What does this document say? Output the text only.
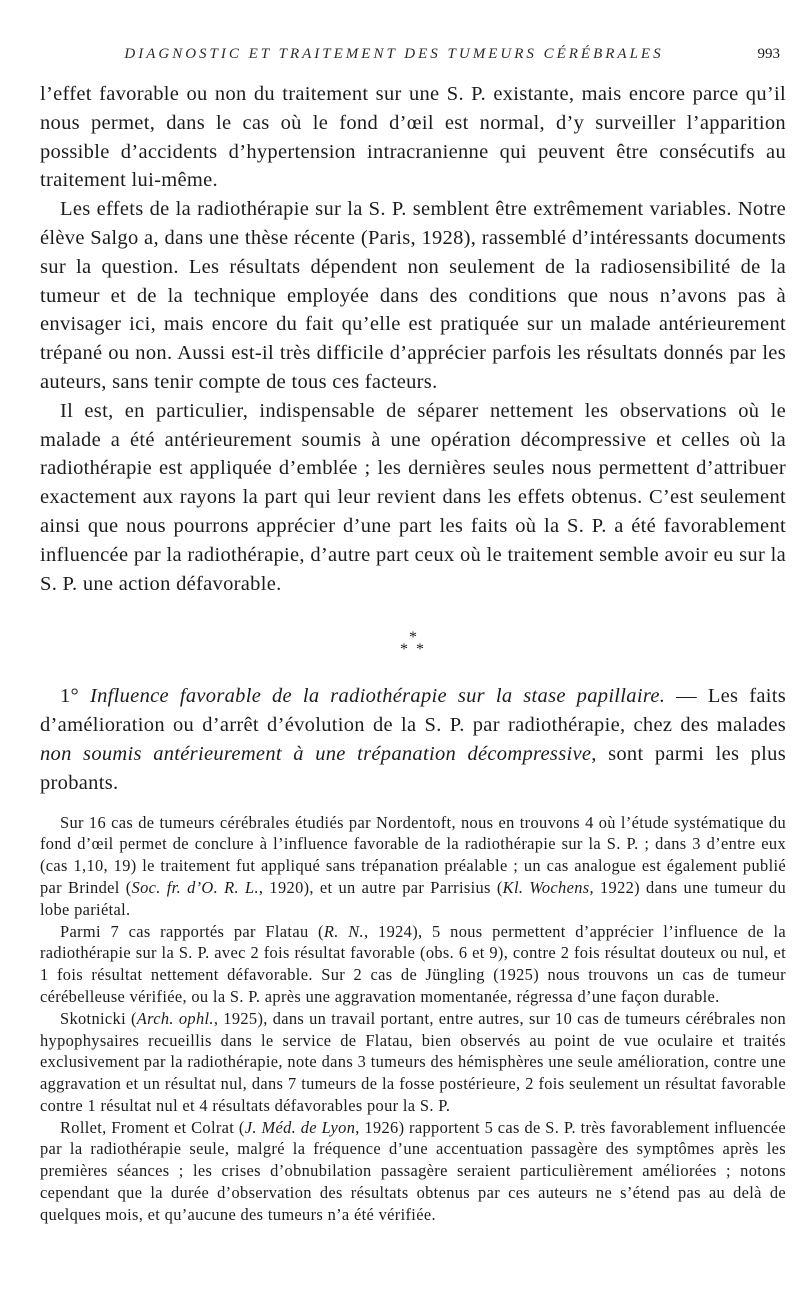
DIAGNOSTIC ET TRAITEMENT DES TUMEURS CÉRÉBRALES	993

l’effet favorable ou non du traitement sur une S. P. existante, mais encore parce qu’il nous permet, dans le cas où le fond d’œil est normal, d’y surveiller l’apparition possible d’accidents d’hypertension intracranienne qui peuvent être consécutifs au traitement lui-même.

Les effets de la radiothérapie sur la S. P. semblent être extrêmement variables. Notre élève Salgo a, dans une thèse récente (Paris, 1928), rassemblé d’intéressants documents sur la question. Les résultats dépendent non seulement de la radiosensibilité de la tumeur et de la technique employée dans des conditions que nous n’avons pas à envisager ici, mais encore du fait qu’elle est pratiquée sur un malade antérieurement trépané ou non. Aussi est-il très difficile d’apprécier parfois les résultats donnés par les auteurs, sans tenir compte de tous ces facteurs.

Il est, en particulier, indispensable de séparer nettement les observations où le malade a été antérieurement soumis à une opération décompressive et celles où la radiothérapie est appliquée d’emblée ; les dernières seules nous permettent d’attribuer exactement aux rayons la part qui leur revient dans les effets obtenus. C’est seulement ainsi que nous pourrons apprécier d’une part les faits où la S. P. a été favorablement influencée par la radiothérapie, d’autre part ceux où le traitement semble avoir eu sur la S. P. une action défavorable.

*
* *

1° Influence favorable de la radiothérapie sur la stase papillaire. — Les faits d’amélioration ou d’arrêt d’évolution de la S. P. par radiothérapie, chez des malades non soumis antérieurement à une trépanation décompressive, sont parmi les plus probants.

Sur 16 cas de tumeurs cérébrales étudiés par Nordentoft, nous en trouvons 4 où l’étude systématique du fond d’œil permet de conclure à l’influence favorable de la radiothérapie sur la S. P. ; dans 3 d’entre eux (cas 1,10, 19) le traitement fut appliqué sans trépanation préalable ; un cas analogue est également publié par Brindel (Soc. fr. d’O. R. L., 1920), et un autre par Parrisius (Kl. Wochens, 1922) dans une tumeur du lobe pariétal.

Parmi 7 cas rapportés par Flatau (R. N., 1924), 5 nous permettent d’apprécier l’influence de la radiothérapie sur la S. P. avec 2 fois résultat favorable (obs. 6 et 9), contre 2 fois résultat douteux ou nul, et 1 fois résultat nettement défavorable. Sur 2 cas de Jüngling (1925) nous trouvons un cas de tumeur cérébelleuse vérifiée, ou la S. P. après une aggravation momentanée, régressa d’une façon durable.

Skotnicki (Arch. ophl., 1925), dans un travail portant, entre autres, sur 10 cas de tumeurs cérébrales non hypophysaires recueillis dans le service de Flatau, bien observés au point de vue oculaire et traités exclusivement par la radiothérapie, note dans 3 tumeurs des hémisphères une seule amélioration, contre une aggravation et un résultat nul, dans 7 tumeurs de la fosse postérieure, 2 fois seulement un résultat favorable contre 1 résultat nul et 4 résultats défavorables pour la S. P.

Rollet, Froment et Colrat (J. Méd. de Lyon, 1926) rapportent 5 cas de S. P. très favorablement influencée par la radiothérapie seule, malgré la fréquence d’une accentuation passagère des symptômes après les premières séances ; les crises d’obnubilation passagère seraient particulièrement améliorées ; notons cependant que la durée d’observation des résultats obtenus par ces auteurs ne s’étend pas au delà de quelques mois, et qu’aucune des tumeurs n’a été vérifiée.
